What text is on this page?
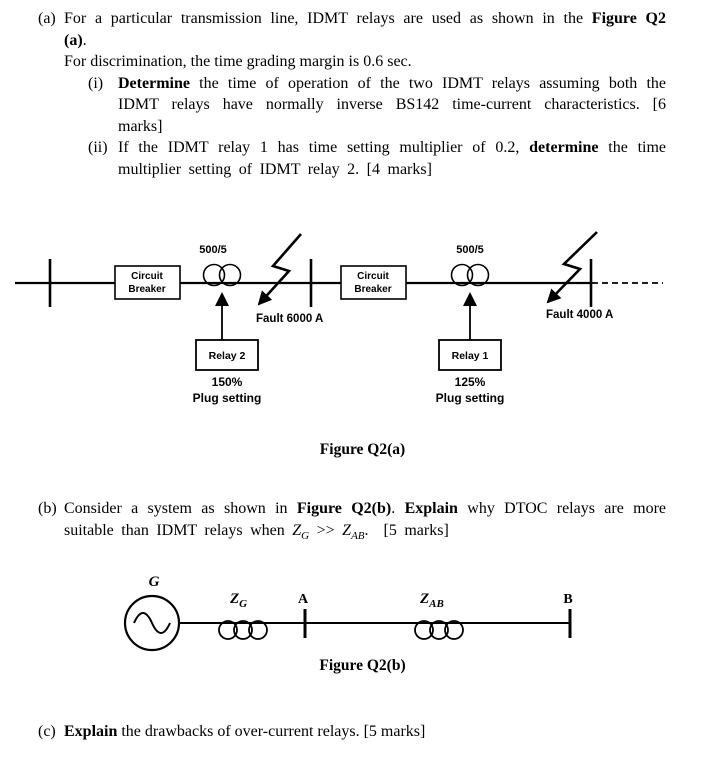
(a) For a particular transmission line, IDMT relays are used as shown in the Figure Q2 (a).

For discrimination, the time grading margin is 0.6 sec.

(i) Determine the time of operation of the two IDMT relays assuming both the IDMT relays have normally inverse BS142 time-current characteristics. [6 marks]

(ii) If the IDMT relay 1 has time setting multiplier of 0.2, determine the time multiplier setting of IDMT relay 2. [4 marks]

Circuit
Breaker
Circuit
Breaker
500/5	500/5
Fault 6000 A	Fault 4000 A
Relay 2
150%
Plug setting
Relay 1
125%
Plug setting
Figure Q2(a)
(b) Consider a system as shown in Figure Q2(b). Explain why DTOC relays are more suitable than IDMT relays when $Z_G >> Z_{AB}$.  [5 marks]

G
$Z_G$	A	$Z_{AB}$	B
Figure Q2(b)
(c) Explain the drawbacks of over-current relays. [5 marks]
